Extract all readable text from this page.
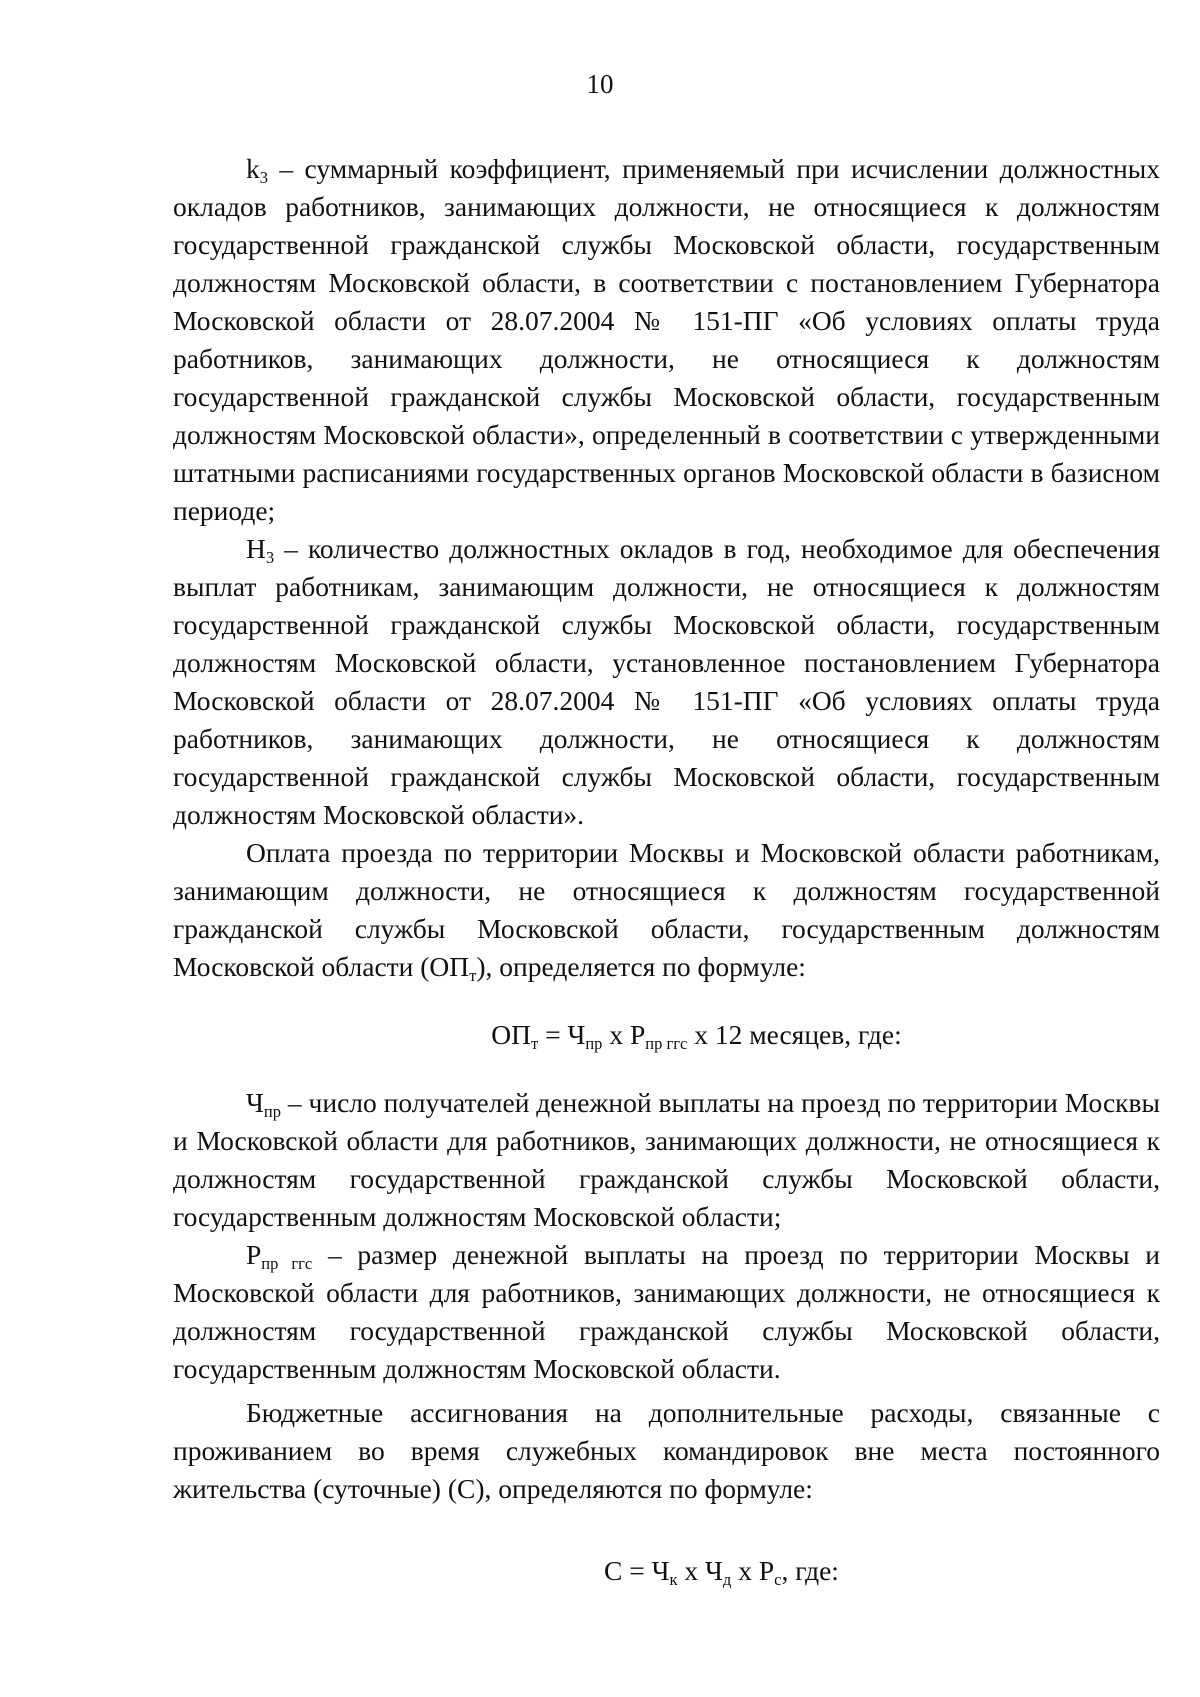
10

$k_3$ – суммарный коэффициент, применяемый при исчислении должностных окладов работников, занимающих должности, не относящиеся к должностям государственной гражданской службы Московской области, государственным должностям Московской области, в соответствии с постановлением Губернатора Московской области от 28.07.2004 № 151-ПГ «Об условиях оплаты труда работников, занимающих должности, не относящиеся к должностям государственной гражданской службы Московской области, государственным должностям Московской области», определенный в соответствии с утвержденными штатными расписаниями государственных органов Московской области в базисном периоде;

$Н_3$ – количество должностных окладов в год, необходимое для обеспечения выплат работникам, занимающим должности, не относящиеся к должностям государственной гражданской службы Московской области, государственным должностям Московской области, установленное постановлением Губернатора Московской области от 28.07.2004 № 151-ПГ «Об условиях оплаты труда работников, занимающих должности, не относящиеся к должностям государственной гражданской службы Московской области, государственным должностям Московской области».

Оплата проезда по территории Москвы и Московской области работникам, занимающим должности, не относящиеся к должностям государственной гражданской службы Московской области, государственным должностям Московской области $(ОП_т)$, определяется по формуле:

$ОП_т = Ч_{пр}$ х $Р_{пр ггс}$ х 12 месяцев, где:

$Ч_{пр}$ – число получателей денежной выплаты на проезд по территории Москвы и Московской области для работников, занимающих должности, не относящиеся к должностям государственной гражданской службы Московской области, государственным должностям Московской области;

$Р_{пр ггс}$ – размер денежной выплаты на проезд по территории Москвы и Московской области для работников, занимающих должности, не относящиеся к должностям государственной гражданской службы Московской области, государственным должностям Московской области.

Бюджетные ассигнования на дополнительные расходы, связанные с проживанием во время служебных командировок вне места постоянного жительства (суточные) (С), определяются по формуле:

$С = Ч_к$ х $Ч_д$ х $Р_с$, где:
